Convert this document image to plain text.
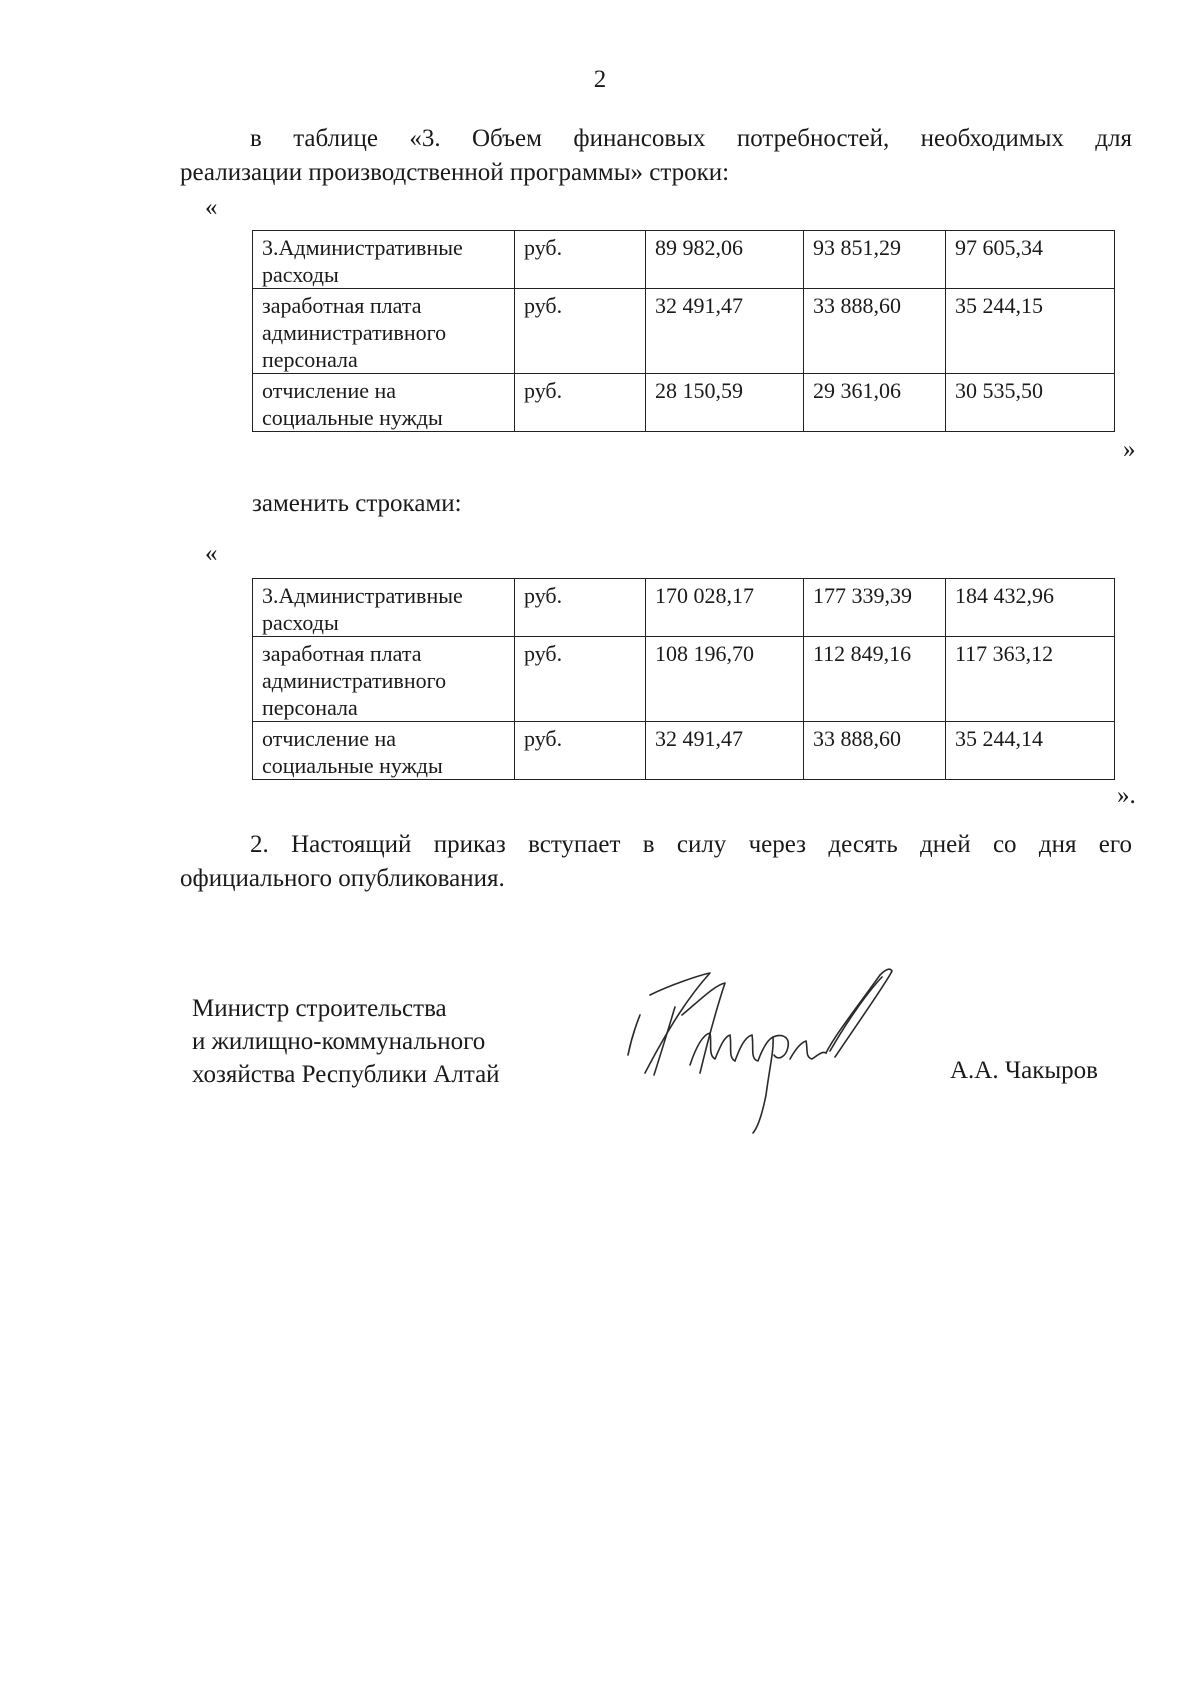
2
в таблице «3. Объем финансовых потребностей, необходимых для
реализации производственной программы» строки:
«
3.Административные расходы	руб.	89 982,06	93 851,29	97 605,34
заработная плата административного персонала	руб.	32 491,47	33 888,60	35 244,15
отчисление на социальные нужды	руб.	28 150,59	29 361,06	30 535,50
»
заменить строками:
«
3.Административные расходы	руб.	170 028,17	177 339,39	184 432,96
заработная плата административного персонала	руб.	108 196,70	112 849,16	117 363,12
отчисление на социальные нужды	руб.	32 491,47	33 888,60	35 244,14
».
2. Настоящий приказ вступает в силу через десять дней со дня его
официального опубликования.
Министр строительства
и жилищно-коммунального
хозяйства Республики Алтай	А.А. Чакыров
